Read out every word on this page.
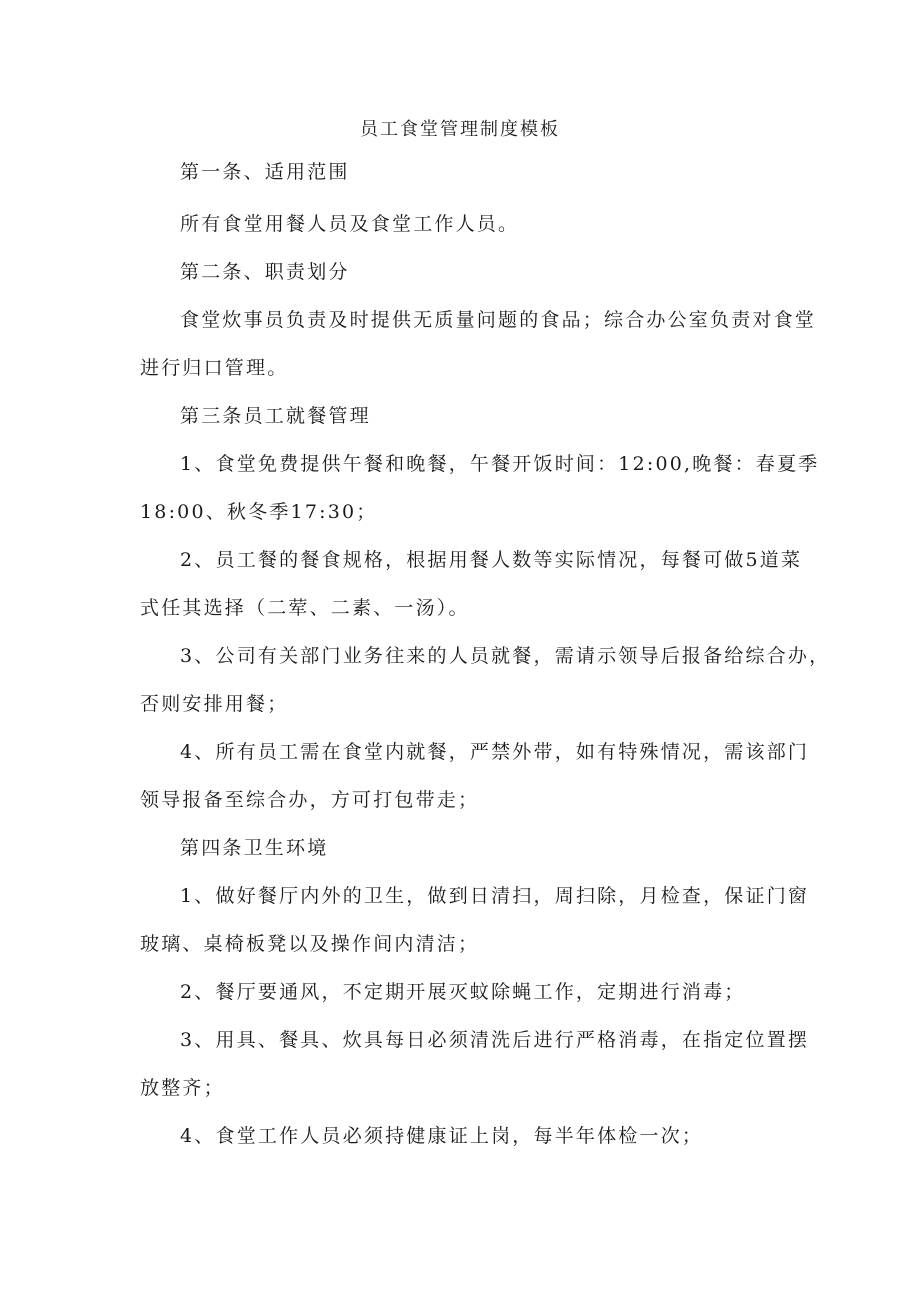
员工食堂管理制度模板
第一条、适用范围
所有食堂用餐人员及食堂工作人员。
第二条、职责划分
食堂炊事员负责及时提供无质量问题的食品；综合办公室负责对食堂
进行归口管理。
第三条员工就餐管理
1、食堂免费提供午餐和晚餐，午餐开饭时间：12:00,晚餐：春夏季
18:00、秋冬季17:30；
2、员工餐的餐食规格，根据用餐人数等实际情况，每餐可做5道菜
式任其选择（二荤、二素、一汤）。
3、公司有关部门业务往来的人员就餐，需请示领导后报备给综合办，
否则安排用餐；
4、所有员工需在食堂内就餐，严禁外带，如有特殊情况，需该部门
领导报备至综合办，方可打包带走；
第四条卫生环境
1、做好餐厅内外的卫生，做到日清扫，周扫除，月检查，保证门窗
玻璃、桌椅板凳以及操作间内清洁；
2、餐厅要通风，不定期开展灭蚊除蝇工作，定期进行消毒；
3、用具、餐具、炊具每日必须清洗后进行严格消毒，在指定位置摆
放整齐；
4、食堂工作人员必须持健康证上岗，每半年体检一次；
